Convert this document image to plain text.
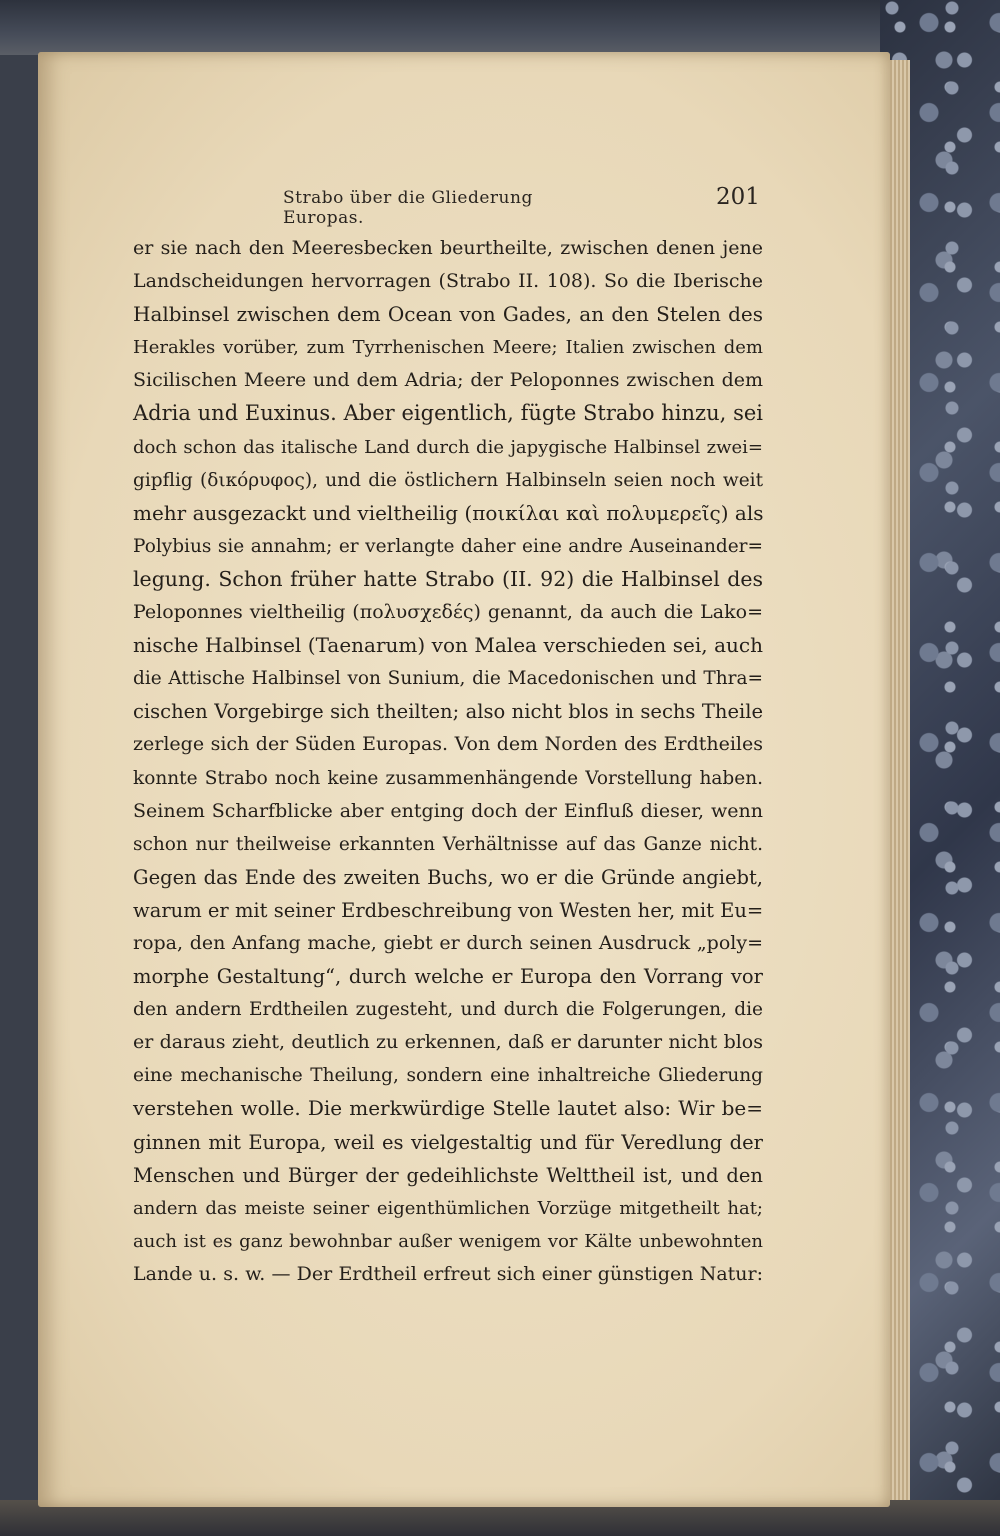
Strabo über die Gliederung Europas.
201
er sie nach den Meeresbecken beurtheilte, zwischen denen jene
Landscheidungen hervorragen (Strabo II. 108). So die Iberische
Halbinsel zwischen dem Ocean von Gades, an den Stelen des
Herakles vorüber, zum Tyrrhenischen Meere; Italien zwischen dem
Sicilischen Meere und dem Adria; der Peloponnes zwischen dem
Adria und Euxinus. Aber eigentlich, fügte Strabo hinzu, sei
doch schon das italische Land durch die japygische Halbinsel zwei=
gipflig (δικόρυφος), und die östlichern Halbinseln seien noch weit
mehr ausgezackt und vieltheilig (ποικίλαι καὶ πολυμερεῖς) als
Polybius sie annahm; er verlangte daher eine andre Auseinander=
legung. Schon früher hatte Strabo (II. 92) die Halbinsel des
Peloponnes vieltheilig (πολυσχεδές) genannt, da auch die Lako=
nische Halbinsel (Taenarum) von Malea verschieden sei, auch
die Attische Halbinsel von Sunium, die Macedonischen und Thra=
cischen Vorgebirge sich theilten; also nicht blos in sechs Theile
zerlege sich der Süden Europas. Von dem Norden des Erdtheiles
konnte Strabo noch keine zusammenhängende Vorstellung haben.
Seinem Scharfblicke aber entging doch der Einfluß dieser, wenn
schon nur theilweise erkannten Verhältnisse auf das Ganze nicht.
Gegen das Ende des zweiten Buchs, wo er die Gründe angiebt,
warum er mit seiner Erdbeschreibung von Westen her, mit Eu=
ropa, den Anfang mache, giebt er durch seinen Ausdruck „poly=
morphe Gestaltung“, durch welche er Europa den Vorrang vor
den andern Erdtheilen zugesteht, und durch die Folgerungen, die
er daraus zieht, deutlich zu erkennen, daß er darunter nicht blos
eine mechanische Theilung, sondern eine inhaltreiche Gliederung
verstehen wolle. Die merkwürdige Stelle lautet also: Wir be=
ginnen mit Europa, weil es vielgestaltig und für Veredlung der
Menschen und Bürger der gedeihlichste Welttheil ist, und den
andern das meiste seiner eigenthümlichen Vorzüge mitgetheilt hat;
auch ist es ganz bewohnbar außer wenigem vor Kälte unbewohnten
Lande u. s. w. — Der Erdtheil erfreut sich einer günstigen Natur:
